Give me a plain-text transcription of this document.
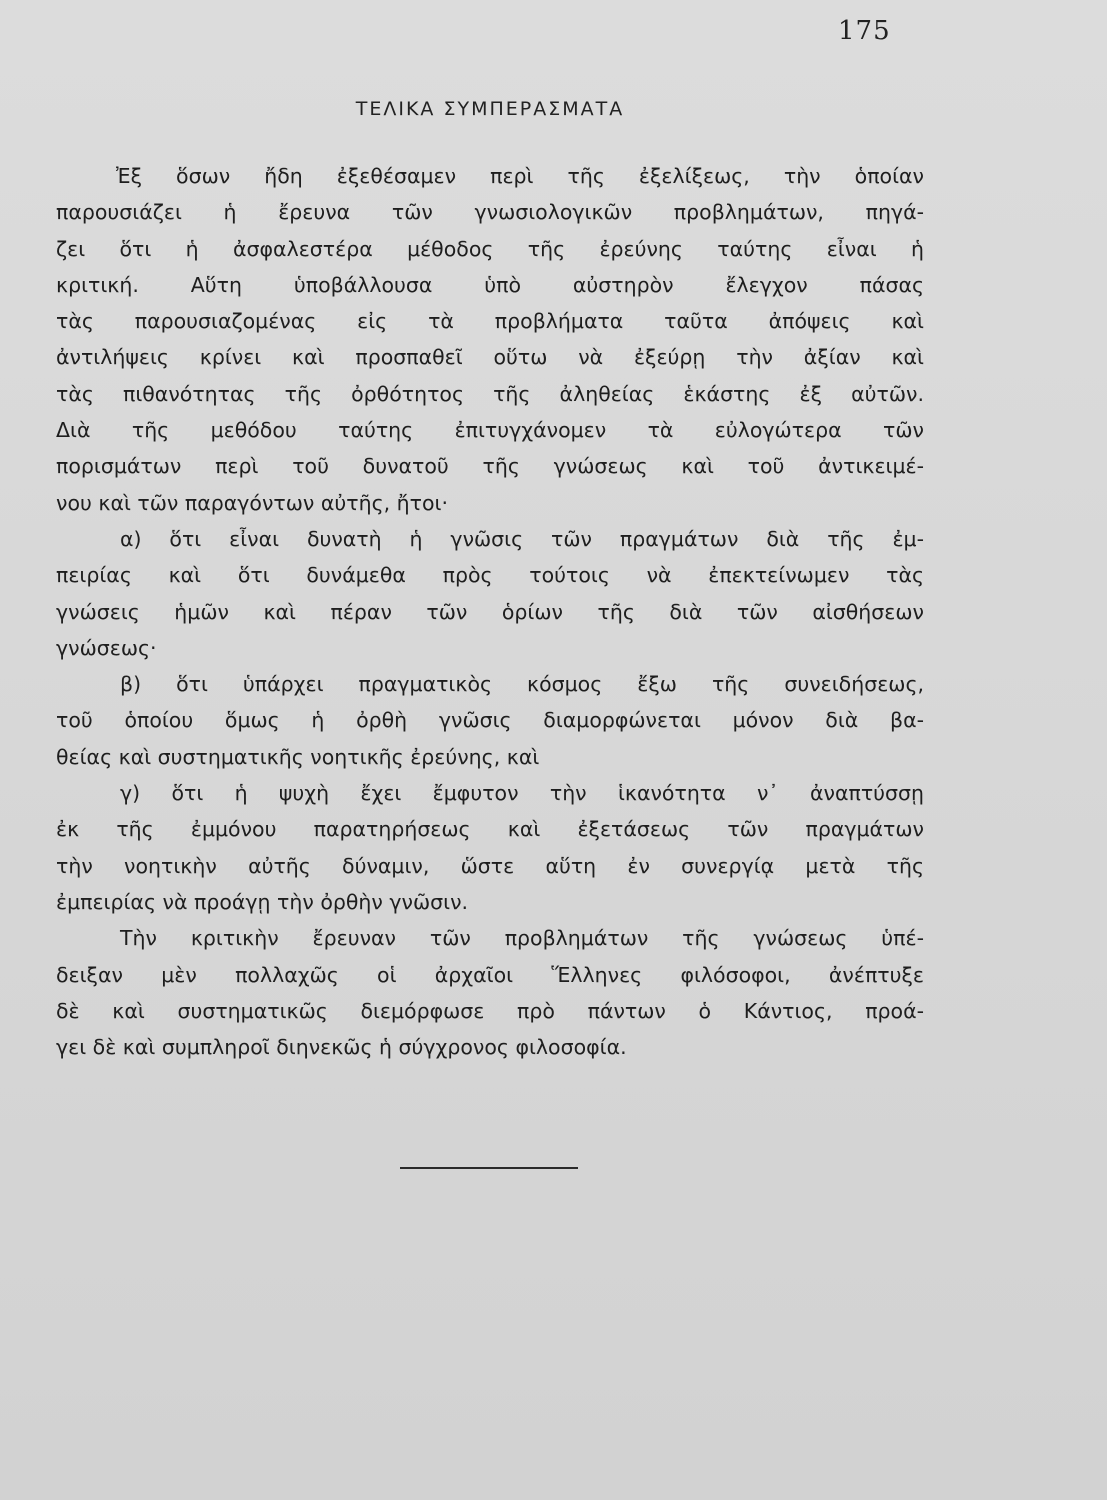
175
ΤΕΛΙΚΑ ΣΥΜΠΕΡΑΣΜΑΤΑ
Ἐξ ὅσων ἤδη ἐξεθέσαμεν περὶ τῆς ἐξελίξεως, τὴν ὁποίαν
παρουσιάζει ἡ ἔρευνα τῶν γνωσιολογικῶν προβλημάτων, πηγά-
ζει ὅτι ἡ ἀσφαλεστέρα μέθοδος τῆς ἐρεύνης ταύτης εἶναι ἡ
κριτική. Αὕτη ὑποβάλλουσα ὑπὸ αὐστηρὸν ἔλεγχον πάσας
τὰς παρουσιαζομένας εἰς τὰ προβλήματα ταῦτα ἀπόψεις καὶ
ἀντιλήψεις κρίνει καὶ προσπαθεῖ οὕτω νὰ ἐξεύρῃ τὴν ἀξίαν καὶ
τὰς πιθανότητας τῆς ὀρθότητος τῆς ἀληθείας ἑκάστης ἐξ αὐτῶν.
Διὰ τῆς μεθόδου ταύτης ἐπιτυγχάνομεν τὰ εὐλογώτερα τῶν
πορισμάτων περὶ τοῦ δυνατοῦ τῆς γνώσεως καὶ τοῦ ἀντικειμέ-
νου καὶ τῶν παραγόντων αὐτῆς, ἤτοι·
α) ὅτι εἶναι δυνατὴ ἡ γνῶσις τῶν πραγμάτων διὰ τῆς ἐμ-
πειρίας καὶ ὅτι δυνάμεθα πρὸς τούτοις νὰ ἐπεκτείνωμεν τὰς
γνώσεις ἡμῶν καὶ πέραν τῶν ὁρίων τῆς διὰ τῶν αἰσθήσεων
γνώσεως·
β) ὅτι ὑπάρχει πραγματικὸς κόσμος ἔξω τῆς συνειδήσεως,
τοῦ ὁποίου ὅμως ἡ ὀρθὴ γνῶσις διαμορφώνεται μόνον διὰ βα-
θείας καὶ συστηματικῆς νοητικῆς ἐρεύνης, καὶ
γ) ὅτι ἡ ψυχὴ ἔχει ἔμφυτον τὴν ἱκανότητα ν᾿ ἀναπτύσσῃ
ἐκ τῆς ἐμμόνου παρατηρήσεως καὶ ἐξετάσεως τῶν πραγμάτων
τὴν νοητικὴν αὐτῆς δύναμιν, ὥστε αὕτη ἐν συνεργίᾳ μετὰ τῆς
ἐμπειρίας νὰ προάγῃ τὴν ὀρθὴν γνῶσιν.
Τὴν κριτικὴν ἔρευναν τῶν προβλημάτων τῆς γνώσεως ὑπέ-
δειξαν μὲν πολλαχῶς οἱ ἀρχαῖοι Ἕλληνες φιλόσοφοι, ἀνέπτυξε
δὲ καὶ συστηματικῶς διεμόρφωσε πρὸ πάντων ὁ Κάντιος, προά-
γει δὲ καὶ συμπληροῖ διηνεκῶς ἡ σύγχρονος φιλοσοφία.
